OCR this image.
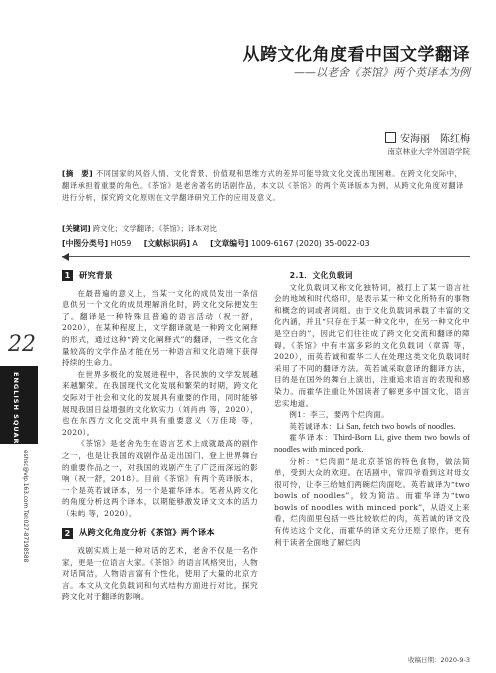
从跨文化角度看中国文学翻译
——以老舍《茶馆》两个英译本为例
安海丽　陈红梅
南京林业大学外国语学院
[摘　要] 不同国家的风俗人情、文化背景、价值观和思维方式的差异可能导致文化交流出现困难。在跨文化交际中，翻译承担着重要的角色。《茶馆》是老舍著名的话剧作品，本文以《茶馆》的两个英译版本为例，从跨文化角度对翻译进行分析，探究跨文化原则在文学翻译研究工作的应用及意义。
[关键词] 跨文化；文学翻译；《茶馆》；译本对比
[中图分类号] H059 [文献标识码] A [文章编号] 1009-6167 (2020) 35-0022-03
22
ENGLISH SQUARE
eshsc@vip.163.com Tel:027-87198588
1	研究背景

在最普遍的意义上，当某一文化的成员发出一条信息供另一个文化的成员理解消化时，跨文化交际便发生了。翻译是一种特殊且普遍的语言活动（祝一舒，2020），在某种程度上，文学翻译就是一种跨文化阐释的形式，通过这种“跨文化阐释式”的翻译，一些文化含量较高的文学作品才能在另一种语言和文化语境下获得持续的生命力。

在世界多极化的发展进程中，各民族的文学发展越来越繁荣。在我国现代文化发展和繁荣的时期，跨文化交际对于社会和文化的发展具有重要的作用，同时能够展现我国日益增强的文化软实力（刘肖冉 等，2020），也在东西方文化交流中具有重要意义（万佳琦 等，2020）。

《茶馆》是老舍先生在语言艺术上成就最高的剧作之一，也是让我国的戏剧作品走出国门、登上世界舞台的重要作品之一，对我国的戏剧产生了广泛而深远的影响（祝一舒，2018）。目前《茶馆》有两个英译版本，一个是英若诚译本，另一个是霍华译本。笔者从跨文化的角度分析这两个译本，以期能够激发译文文本的活力（朱屿 等，2020）。

2	从跨文化角度分析《茶馆》两个译本

戏剧实质上是一种对话的艺术，老舍不仅是一名作家，更是一位语言大家。《茶馆》的语言风格突出，人物对话简洁，人物语言富有个性化，使用了大量的北京方言。本文从文化负载词和句式结构方面进行对比，探究跨文化对于翻译的影响。

2.1．文化负载词

文化负载词又称文化独特词，被打上了某一语言社会的地域和时代烙印，是表示某一种文化所特有的事物和概念的词或者词组。由于文化负载词承载了丰富的文化内涵，并且“只存在于某一种文化中，在另一种文化中是空白的”，因此它们往往成了跨文化交流和翻译的障碍。《茶馆》中有丰富多彩的文化负载词（章霈 等，2020），而英若诚和霍华二人在处理这类文化负载词时采用了不同的翻译方法。英若诚采取意译的翻译方法，目的是在国外的舞台上演出，注重追求语言的表现和感染力。而霍华注重让外国读者了解更多中国文化，语言忠实地道。

例1：李三，要两个烂肉面。

英若诚译本：Li San, fetch two bowls of noodles.

霍华译本：Third-Born Li, give them two bowls of noodles with minced pork.

分析：“烂肉面”是北京茶馆的特色食物，做法简单，受到大众的欢迎。在话剧中，常四爷看到这对母女很可怜，让李三给她们两碗烂肉面吃。英若诚译为“two bowls of noodles”，较为简洁。而霍华译为“two bowls of noodles with minced pork”，从语义上来看，烂肉面里包括一些比较软烂的肉，英若诚的译文没有传达这个文化，而霍华的译文充分还原了原作，更有利于读者全面地了解烂肉

收稿日期：2020-9-3
